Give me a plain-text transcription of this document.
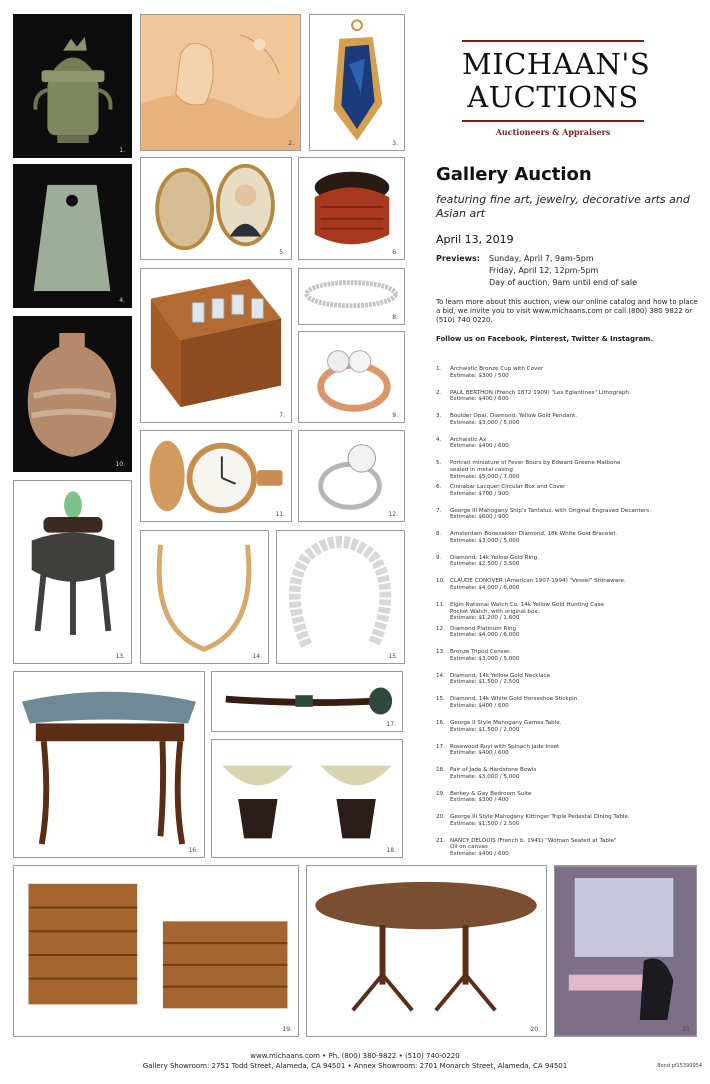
1.
2.	3.
4.
5.	6.
7.
8.
9.
10.
11.	12.
13.	14.	15.
16.
17.
18.
19.	20.	21
MICHAAN'S
AUCTIONS
Auctioneers & Appraisers
Gallery Auction
featuring fine art, jewelry, decorative arts and Asian art
April 13, 2019
Previews: Sunday, April 7, 9am-5pm
Friday, April 12, 12pm-5pm
Day of auction, 9am until end of sale
To learn more about this auction, view our online catalog and how to place a bid, we invite you to visit www.michaans.com or call (800) 380 9822 or (510) 740 0220.
Follow us on Facebook, Pinterest, Twitter & Instagram.
1.	Archaistic Bronze Cup with Cover
Estimate: $300 / 500
2.	PAUL BERTHON (French 1872 1909) "Les Eglantines" Lithograph.
Estimate: $400 / 600
3.	Boulder Opal, Diamond, Yellow Gold Pendant.
Estimate: $3,000 / 5,000
4.	Archaistic Ax
Estimate: $400 / 600
5.	Portrait miniature of Fever Bours by Edward Greene Malbone
sealed in metal casing
Estimate: $5,000 / 7,000
6.	Cinnabar Lacquer Circular Box and Cover
Estimate: $700 / 900
7.	George III Mahogany Ship's Tantalus, with Original Engraved Decanters.
Estimate: $600 / 900
8.	Amsterdam Bonezakker Diamond, 18k White Gold Bracelet.
Estimate: $3,000 / 5,000
9.	Diamond, 14k Yellow Gold Ring.
Estimate: $2,500 / 3,500
10. CLAUDE CONOVER (American 1907-1994) "Vessel" Stoneware.
Estimate: $4,000 / 6,000
11. Elgin National Watch Co. 14k Yellow Gold Hunting Case
Pocket Watch, with original box.
Estimate: $1,200 / 1,600
12. Diamond Platinum Ring
Estimate: $4,000 / 6,000
13. Bronze Tripod Censer.
Estimate: $3,000 / 5,000
14. Diamond, 14k Yellow Gold Necklace.
Estimate: $1,500 / 2,500
15. Diamond, 14k White Gold Horseshoe Stickpin.
Estimate: $400 / 600
16. George II Style Mahogany Games Table.
Estimate: $1,500 / 2,000
17. Rosewood Ruyi with Spinach Jade Inset
Estimate: $400 / 600
18. Pair of Jade & Hardstone Bowls
Estimate: $3,000 / 5,000
19. Berkey & Gay Bedroom Suite
Estimate: $300 / 400
20. George III Style Mahogany Kittinger Triple Pedestal Dining Table.
Estimate: $1,500 / 2,500
21. NANCY DELOUIS (French b. 1941) "Woman Seated at Table"
Oil on canvas
Estimate: $400 / 600
www.michaans.com • Ph. (800) 380-9822 • (510) 740-0220
Gallery Showroom: 2751 Todd Street, Alameda, CA 94501 • Annex Showroom: 2701 Monarch Street, Alameda, CA 94501	Bond pf15399954
